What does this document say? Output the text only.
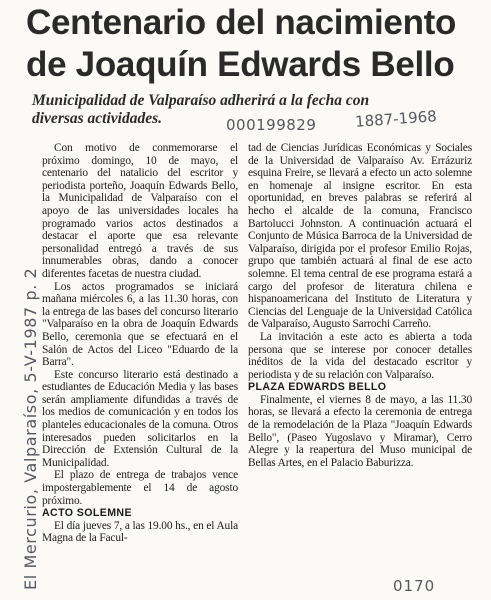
Centenario del nacimiento
de Joaquín Edwards Bello
Municipalidad de Valparaíso adherirá a la fecha con
diversas actividades.	000199829	1887-1968
El Mercurio, Valparaíso, 5-V-1987 p. 2	0170

Con motivo de conmemorarse el próximo domingo, 10 de mayo, el centenario del natalicio del escritor y periodista porteño, Joaquín Edwards Bello, la Municipalidad de Valparaíso con el apoyo de las universidades locales ha programado varios actos destinados a destacar el aporte que esa relevante personalidad entregó a través de sus innumerables obras, dando a conocer diferentes facetas de nuestra ciudad.

Los actos programados se iniciará mañana miércoles 6, a las 11.30 horas, con la entrega de las bases del concurso literario "Valparaíso en la obra de Joaquín Edwards Bello, ceremonia que se efectuará en el Salón de Actos del Liceo "Eduardo de la Barra".

Este concurso literario está destinado a estudiantes de Educación Media y las bases serán ampliamente difundidas a través de los medios de comunicación y en todos los planteles educacionales de la comuna. Otros interesados pueden solicitarlos en la Dirección de Extensión Cultural de la Municipalidad.

El plazo de entrega de trabajos vence impostergablemente el 14 de agosto próximo.

ACTO SOLEMNE

El día jueves 7, a las 19.00 hs., en el Aula Magna de la Facul-

tad de Ciencias Jurídicas Económicas y Sociales de la Universidad de Valparaíso Av. Errázuriz esquina Freire, se llevará a efecto un acto solemne en homenaje al insigne escritor. En esta oportunidad, en breves palabras se referirá al hecho el alcalde de la comuna, Francisco Bartolucci Johnston. A continuación actuará el Conjunto de Música Barroca de la Universidad de Valparaíso, dirigida por el profesor Emilio Rojas, grupo que también actuará al final de ese acto solemne. El tema central de ese programa estará a cargo del profesor de literatura chilena e hispanoamericana del Instituto de Literatura y Ciencias del Lenguaje de la Universidad Católica de Valparaíso, Augusto Sarrochi Carreño.

La invitación a este acto es abierta a toda persona que se interese por conocer detalles inéditos de la vida del destacado escritor y periodista y de su relación con Valparaíso.

PLAZA EDWARDS BELLO

Finalmente, el viernes 8 de mayo, a las 11.30 horas, se llevará a efecto la ceremonia de entrega de la remodelación de la Plaza "Joaquín Edwards Bello", (Paseo Yugoslavo y Miramar), Cerro Alegre y la reapertura del Muso municipal de Bellas Artes, en el Palacio Baburizza.
